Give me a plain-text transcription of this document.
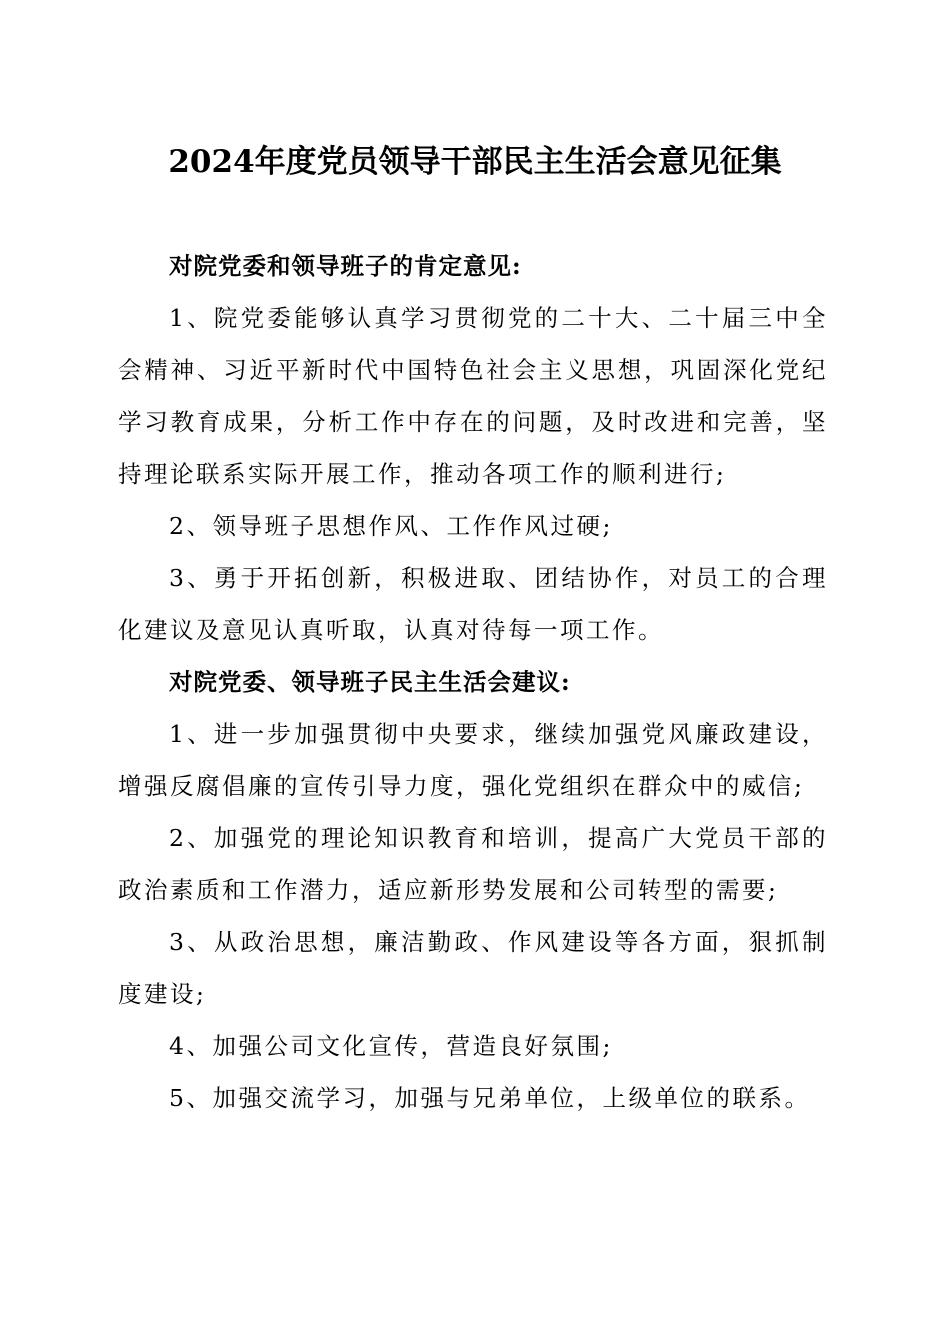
2024年度党员领导干部民主生活会意见征集

对院党委和领导班子的肯定意见:

1、院党委能够认真学习贯彻党的二十大、二十届三中全会精神、习近平新时代中国特色社会主义思想，巩固深化党纪学习教育成果，分析工作中存在的问题，及时改进和完善，坚持理论联系实际开展工作，推动各项工作的顺利进行;

2、领导班子思想作风、工作作风过硬;

3、勇于开拓创新，积极进取、团结协作，对员工的合理化建议及意见认真听取，认真对待每一项工作。

对院党委、领导班子民主生活会建议:

1、进一步加强贯彻中央要求，继续加强党风廉政建设，增强反腐倡廉的宣传引导力度，强化党组织在群众中的威信;

2、加强党的理论知识教育和培训，提高广大党员干部的政治素质和工作潜力，适应新形势发展和公司转型的需要;

3、从政治思想，廉洁勤政、作风建设等各方面，狠抓制度建设;

4、加强公司文化宣传，营造良好氛围;

5、加强交流学习，加强与兄弟单位，上级单位的联系。
